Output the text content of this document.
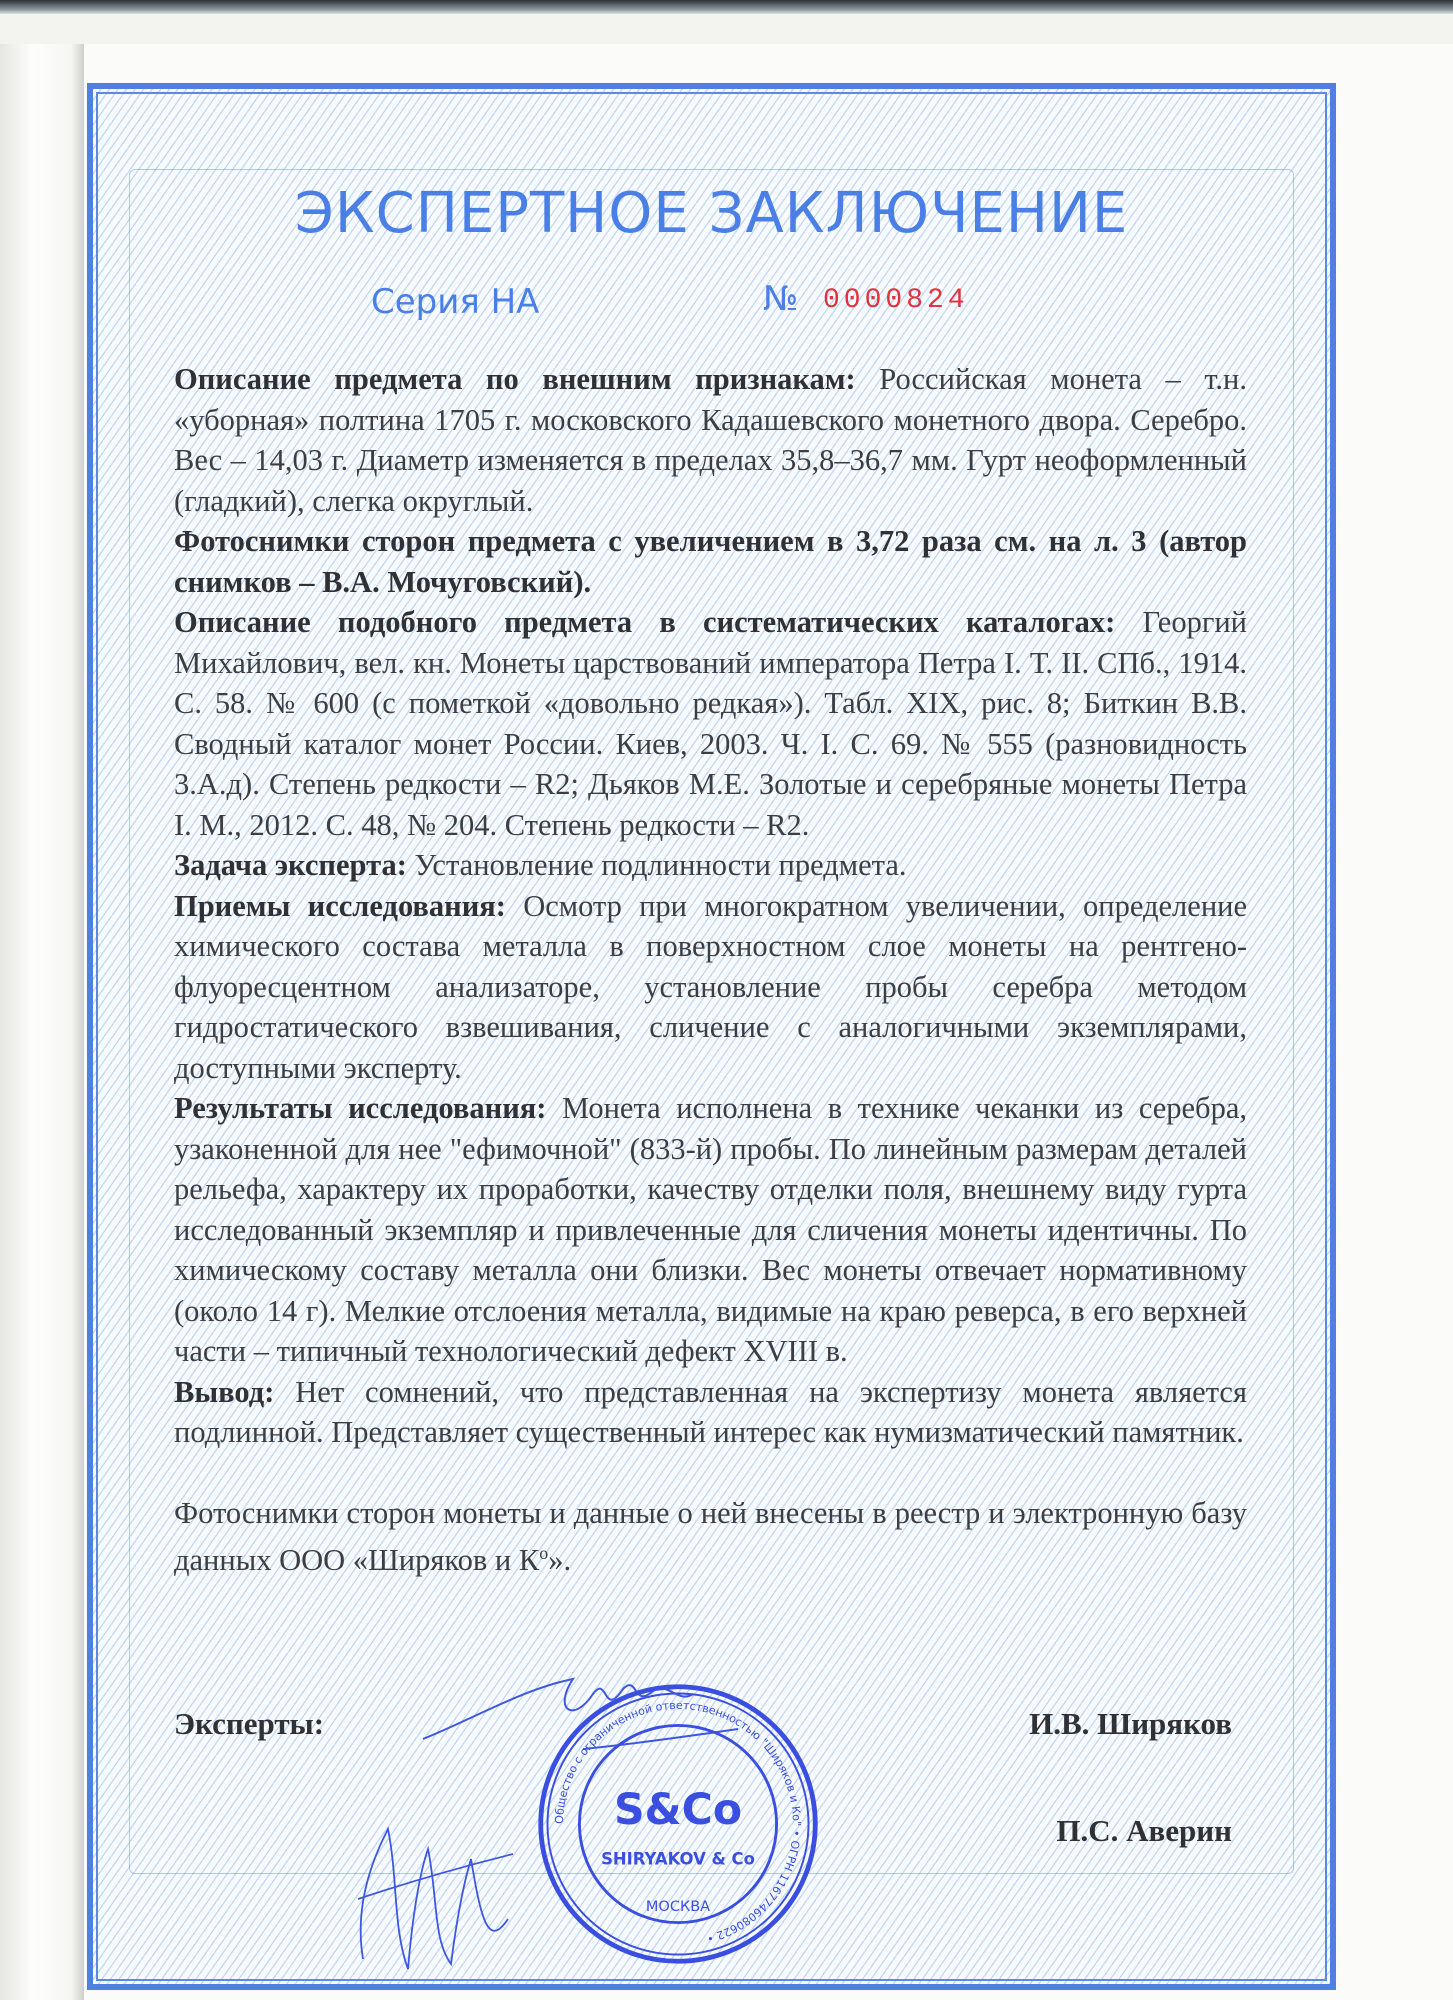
ЭКСПЕРТНОЕ ЗАКЛЮЧЕНИЕ
Серия НА	№ 0000824

Описание предмета по внешним признакам: Российская монета – т.н. «уборная» полтина 1705 г. московского Кадашевского монетного двора. Серебро. Вес – 14,03 г. Диаметр изменяется в пределах 35,8–36,7 мм. Гурт неоформленный (гладкий), слегка округлый.

Фотоснимки сторон предмета с увеличением в 3,72 раза см. на л. 3 (автор снимков – В.А. Мочуговский).

Описание подобного предмета в систематических каталогах: Георгий Михайлович, вел. кн. Монеты царствований императора Петра I. Т. II. СПб., 1914. С. 58. № 600 (с пометкой «довольно редкая»). Табл. XIX, рис. 8; Биткин В.В. Сводный каталог монет России. Киев, 2003. Ч. I. С. 69. № 555 (разновидность 3.А.д). Степень редкости – R2; Дьяков М.Е. Золотые и серебряные монеты Петра I. М., 2012. С. 48, № 204. Степень редкости – R2.

Задача эксперта: Установление подлинности предмета.

Приемы исследования: Осмотр при многократном увеличении, определение химического состава металла в поверхностном слое монеты на рентгено-флуоресцентном анализаторе, установление пробы серебра методом гидростатического взвешивания, сличение с аналогичными экземплярами, доступными эксперту.

Результаты исследования: Монета исполнена в технике чеканки из серебра, узаконенной для нее "ефимочной" (833-й) пробы. По линейным размерам деталей рельефа, характеру их проработки, качеству отделки поля, внешнему виду гурта исследованный экземпляр и привлеченные для сличения монеты идентичны. По химическому составу металла они близки. Вес монеты отвечает нормативному (около 14 г). Мелкие отслоения металла, видимые на краю реверса, в его верхней части – типичный технологический дефект XVIII в.

Вывод: Нет сомнений, что представленная на экспертизу монета является подлинной. Представляет существенный интерес как нумизматический памятник.

Фотоснимки сторон монеты и данные о ней внесены в реестр и электронную базу данных ООО «Ширяков и $К^о$».

Эксперты:	И.В. Ширяков
П.С. Аверин
Общество с ограниченной ответственностью "Ширяков и Ко" • ОГРН 1167746080622 •
МОСКВА
S&Co
SHIRYAKOV & Co
